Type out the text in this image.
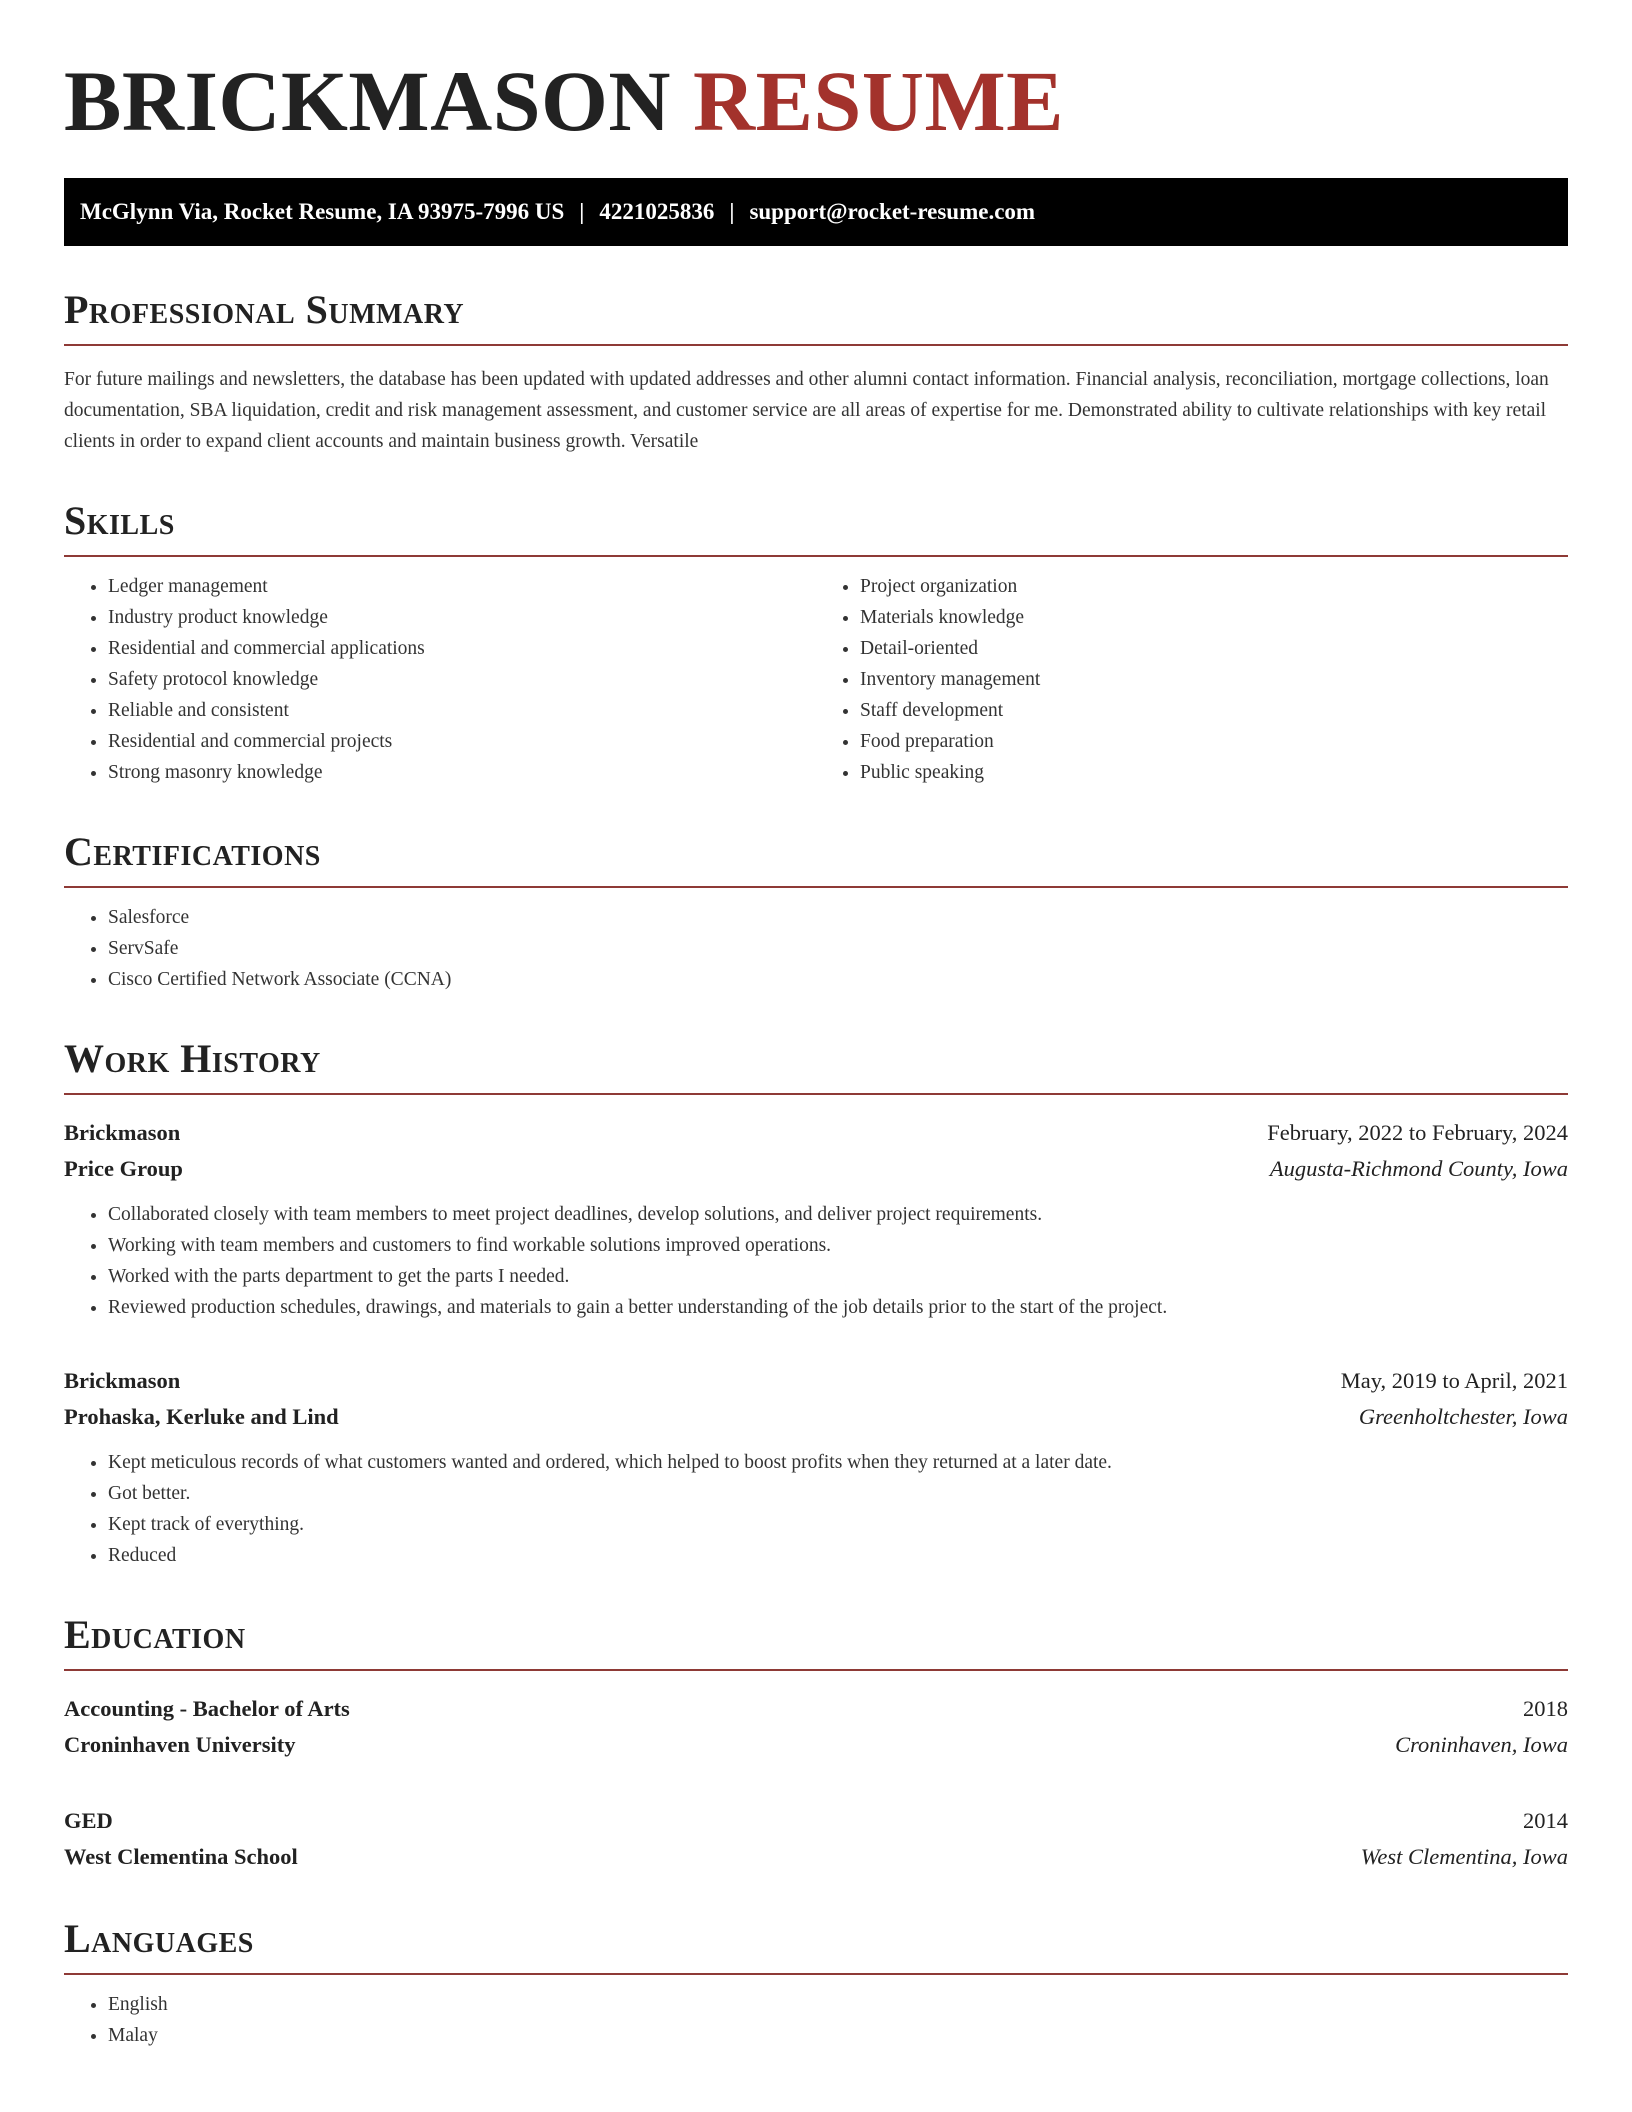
BRICKMASON RESUME
McGlynn Via, Rocket Resume, IA 93975-7996 US | 4221025836 | support@rocket-resume.com
Professional Summary

For future mailings and newsletters, the database has been updated with updated addresses and other alumni contact information. Financial analysis, reconciliation, mortgage collections, loan documentation, SBA liquidation, credit and risk management assessment, and customer service are all areas of expertise for me. Demonstrated ability to cultivate relationships with key retail clients in order to expand client accounts and maintain business growth. Versatile

Skills
• Ledger management
• Industry product knowledge
• Residential and commercial applications
• Safety protocol knowledge
• Reliable and consistent
• Residential and commercial projects
• Strong masonry knowledge
• Project organization
• Materials knowledge
• Detail-oriented
• Inventory management
• Staff development
• Food preparation
• Public speaking
Certifications
• Salesforce
• ServSafe
• Cisco Certified Network Associate (CCNA)
Work History
Brickmason	February, 2022 to February, 2024
Price Group	Augusta-Richmond County, Iowa
• Collaborated closely with team members to meet project deadlines, develop solutions, and deliver project requirements.
• Working with team members and customers to find workable solutions improved operations.
• Worked with the parts department to get the parts I needed.
• Reviewed production schedules, drawings, and materials to gain a better understanding of the job details prior to the start of the project.
Brickmason	May, 2019 to April, 2021
Prohaska, Kerluke and Lind	Greenholtchester, Iowa
• Kept meticulous records of what customers wanted and ordered, which helped to boost profits when they returned at a later date.
• Got better.
• Kept track of everything.
• Reduced
Education
Accounting - Bachelor of Arts	2018
Croninhaven University	Croninhaven, Iowa
GED	2014
West Clementina School	West Clementina, Iowa
Languages
• English
• Malay
